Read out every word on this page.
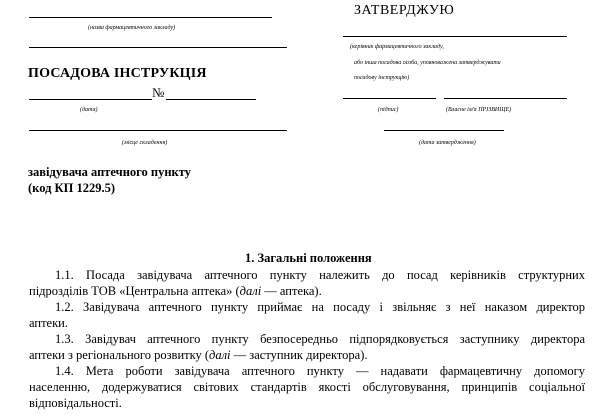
(назва фармацевтичного закладу)
ПОСАДОВА ІНСТРУКЦІЯ
№
(дата)
(місце складення)
ЗАТВЕРДЖУЮ
(керівник фармацевтичного закладу,
або інша посадова особа, уповноважена затверджувати
посадову інструкцію)
(підпис)	(Власне ім'я ПРІЗВИЩЕ)
(дата затвердження)
завідувача аптечного пункту
(код КП 1229.5)
1. Загальні положення
1.1. Посада завідувача аптечного пункту належить до посад керівників структурних
підрозділів ТОВ «Центральна аптека» (далі — аптека).
1.2. Завідувача аптечного пункту приймає на посаду і звільняє з неї наказом директор
аптеки.
1.3. Завідувач аптечного пункту безпосередньо підпорядковується заступнику директора
аптеки з регіонального розвитку (далі — заступник директора).
1.4. Мета роботи завідувача аптечного пункту — надавати фармацевтичну допомогу
населенню, додержуватися світових стандартів якості обслуговування, принципів соціальної
відповідальності.
